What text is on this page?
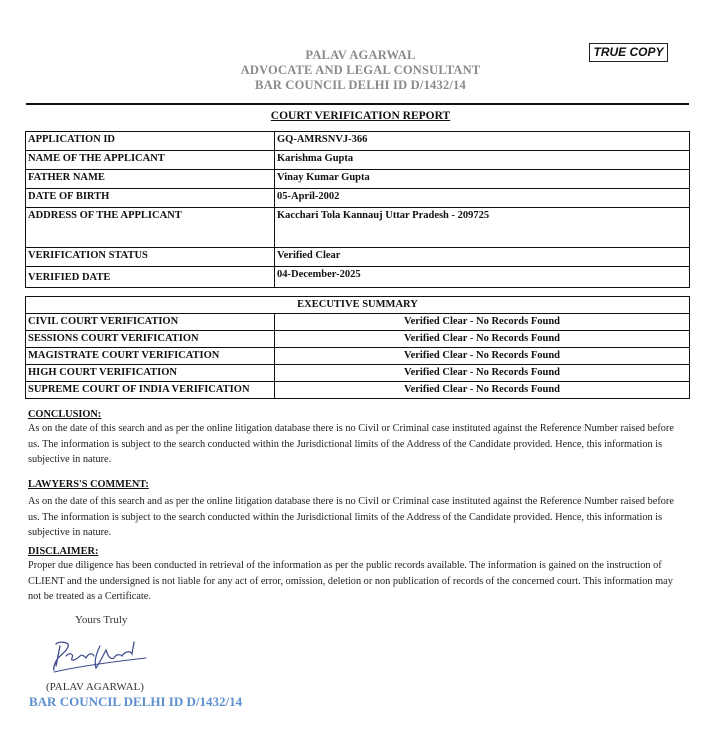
PALAV AGARWAL
ADVOCATE AND LEGAL CONSULTANT
BAR COUNCIL DELHI ID D/1432/14
TRUE COPY
COURT VERIFICATION REPORT
APPLICATION ID	GQ-AMRSNVJ-366
NAME OF THE APPLICANT	Karishma Gupta
FATHER NAME	Vinay Kumar Gupta
DATE OF BIRTH	05-April-2002
ADDRESS OF THE APPLICANT	Kacchari Tola Kannauj Uttar Pradesh - 209725
VERIFICATION STATUS	Verified Clear
VERIFIED DATE	04-December-2025
EXECUTIVE SUMMARY	
CIVIL COURT VERIFICATION	Verified Clear - No Records Found
SESSIONS COURT VERIFICATION	Verified Clear - No Records Found
MAGISTRATE COURT VERIFICATION	Verified Clear - No Records Found
HIGH COURT VERIFICATION	Verified Clear - No Records Found
SUPREME COURT OF INDIA VERIFICATION	Verified Clear - No Records Found
CONCLUSION:

As on the date of this search and as per the online litigation database there is no Civil or Criminal case instituted against the Reference Number raised before us. The information is subject to the search conducted within the Jurisdictional limits of the Address of the Candidate provided. Hence, this information is subjective in nature.

LAWYERS'S COMMENT:

As on the date of this search and as per the online litigation database there is no Civil or Criminal case instituted against the Reference Number raised before us. The information is subject to the search conducted within the Jurisdictional limits of the Address of the Candidate provided. Hence, this information is subjective in nature.

DISCLAIMER:

Proper due diligence has been conducted in retrieval of the information as per the public records available. The information is gained on the instruction of CLIENT and the undersigned is not liable for any act of error, omission, deletion or non publication of records of the concerned court. This information may not be treated as a Certificate.

Yours Truly
(PALAV AGARWAL)
BAR COUNCIL DELHI ID D/1432/14
